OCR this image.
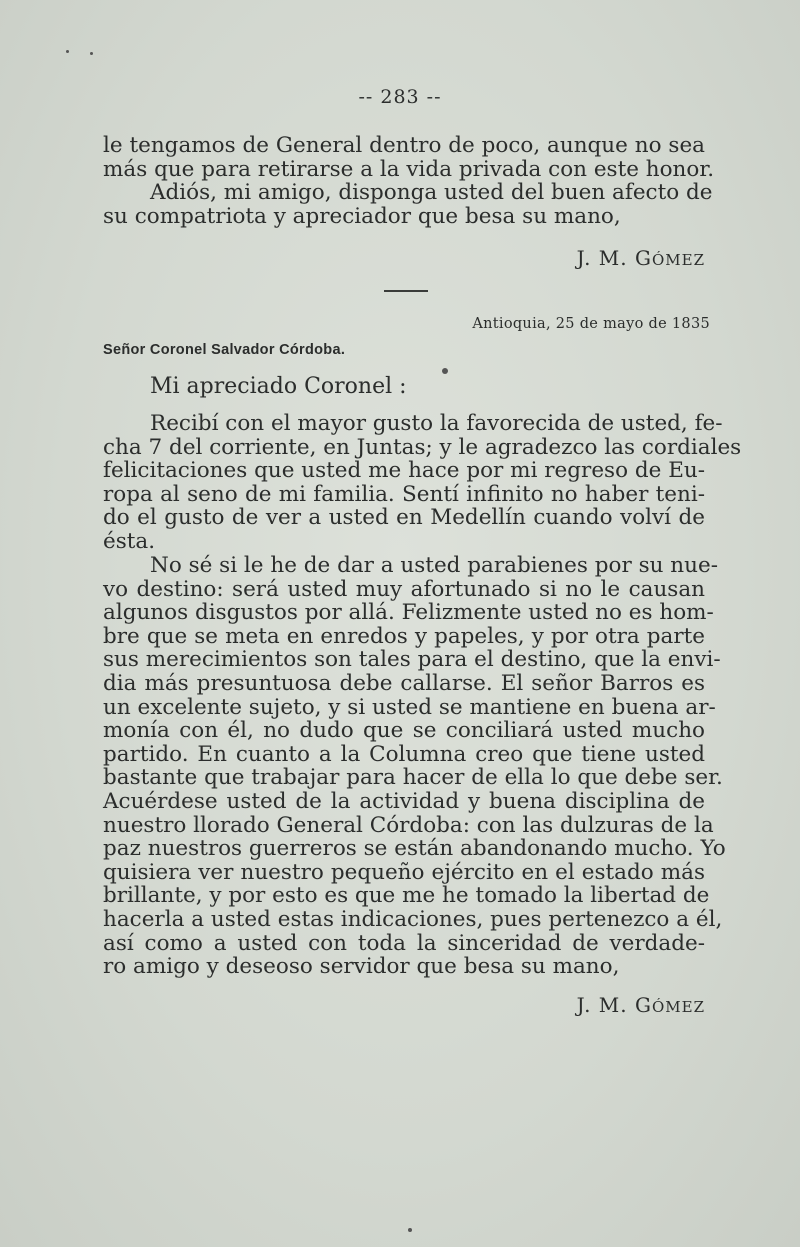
-- 283 --
le tengamos de General dentro de poco, aunque no sea
más que para retirarse a la vida privada con este honor.
Adiós, mi amigo, disponga usted del buen afecto de
su compatriota y apreciador que besa su mano,
J. M. GÓMEZ
Antioquia, 25 de mayo de 1835
Señor Coronel Salvador Córdoba.
Mi apreciado Coronel :
Recibí con el mayor gusto la favorecida de usted, fe-
cha 7 del corriente, en Juntas; y le agradezco las cordiales
felicitaciones que usted me hace por mi regreso de Eu-
ropa al seno de mi familia. Sentí infinito no haber teni-
do el gusto de ver a usted en Medellín cuando volví de
ésta.
No sé si le he de dar a usted parabienes por su nue-
vo destino: será usted muy afortunado si no le causan
algunos disgustos por allá. Felizmente usted no es hom-
bre que se meta en enredos y papeles, y por otra parte
sus merecimientos son tales para el destino, que la envi-
dia más presuntuosa debe callarse. El señor Barros es
un excelente sujeto, y si usted se mantiene en buena ar-
monía con él, no dudo que se conciliará usted mucho
partido. En cuanto a la Columna creo que tiene usted
bastante que trabajar para hacer de ella lo que debe ser.
Acuérdese usted de la actividad y buena disciplina de
nuestro llorado General Córdoba: con las dulzuras de la
paz nuestros guerreros se están abandonando mucho. Yo
quisiera ver nuestro pequeño ejército en el estado más
brillante, y por esto es que me he tomado la libertad de
hacerla a usted estas indicaciones, pues pertenezco a él,
así como a usted con toda la sinceridad de verdade-
ro amigo y deseoso servidor que besa su mano,
J. M. GÓMEZ
